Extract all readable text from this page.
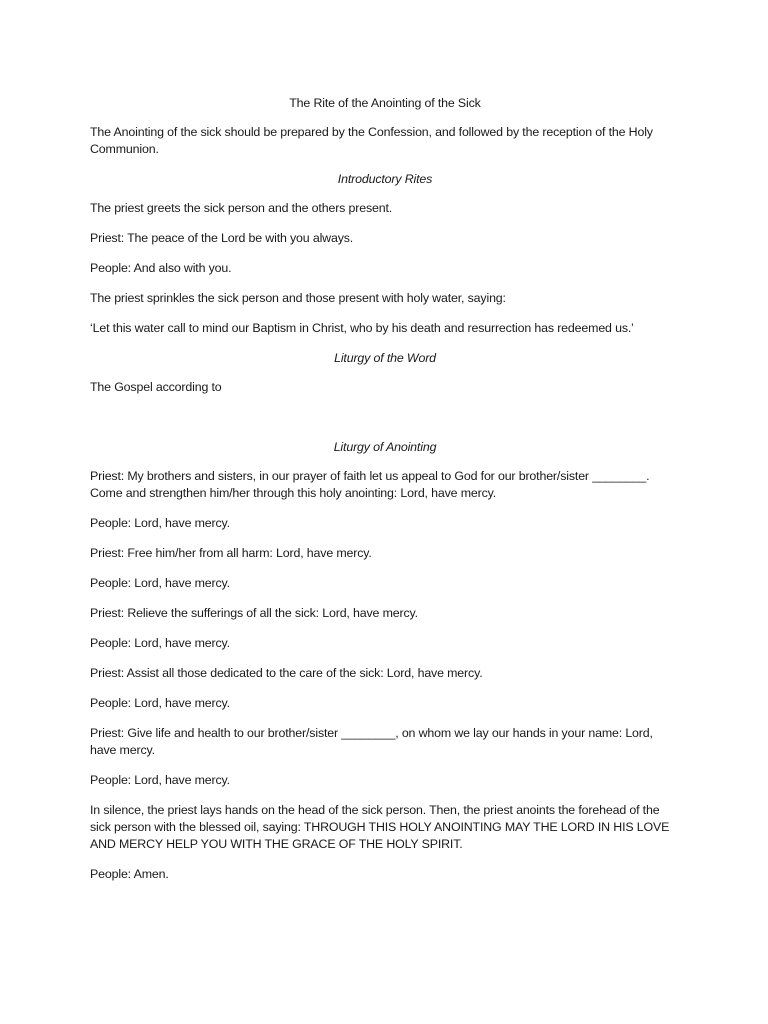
The Rite of the Anointing of the Sick

The Anointing of the sick should be prepared by the Confession, and followed by the reception of the Holy Communion.

Introductory Rites

The priest greets the sick person and the others present.

Priest: The peace of the Lord be with you always.

People: And also with you.

The priest sprinkles the sick person and those present with holy water, saying:

‘Let this water call to mind our Baptism in Christ, who by his death and resurrection has redeemed us.’

Liturgy of the Word

The Gospel according to

Liturgy of Anointing

Priest: My brothers and sisters, in our prayer of faith let us appeal to God for our brother/sister ________. Come and strengthen him/her through this holy anointing: Lord, have mercy.

People: Lord, have mercy.

Priest: Free him/her from all harm: Lord, have mercy.

People: Lord, have mercy.

Priest: Relieve the sufferings of all the sick: Lord, have mercy.

People: Lord, have mercy.

Priest: Assist all those dedicated to the care of the sick: Lord, have mercy.

People: Lord, have mercy.

Priest: Give life and health to our brother/sister ________, on whom we lay our hands in your name: Lord, have mercy.

People: Lord, have mercy.

In silence, the priest lays hands on the head of the sick person. Then, the priest anoints the forehead of the sick person with the blessed oil, saying: THROUGH THIS HOLY ANOINTING MAY THE LORD IN HIS LOVE AND MERCY HELP YOU WITH THE GRACE OF THE HOLY SPIRIT.

People: Amen.
